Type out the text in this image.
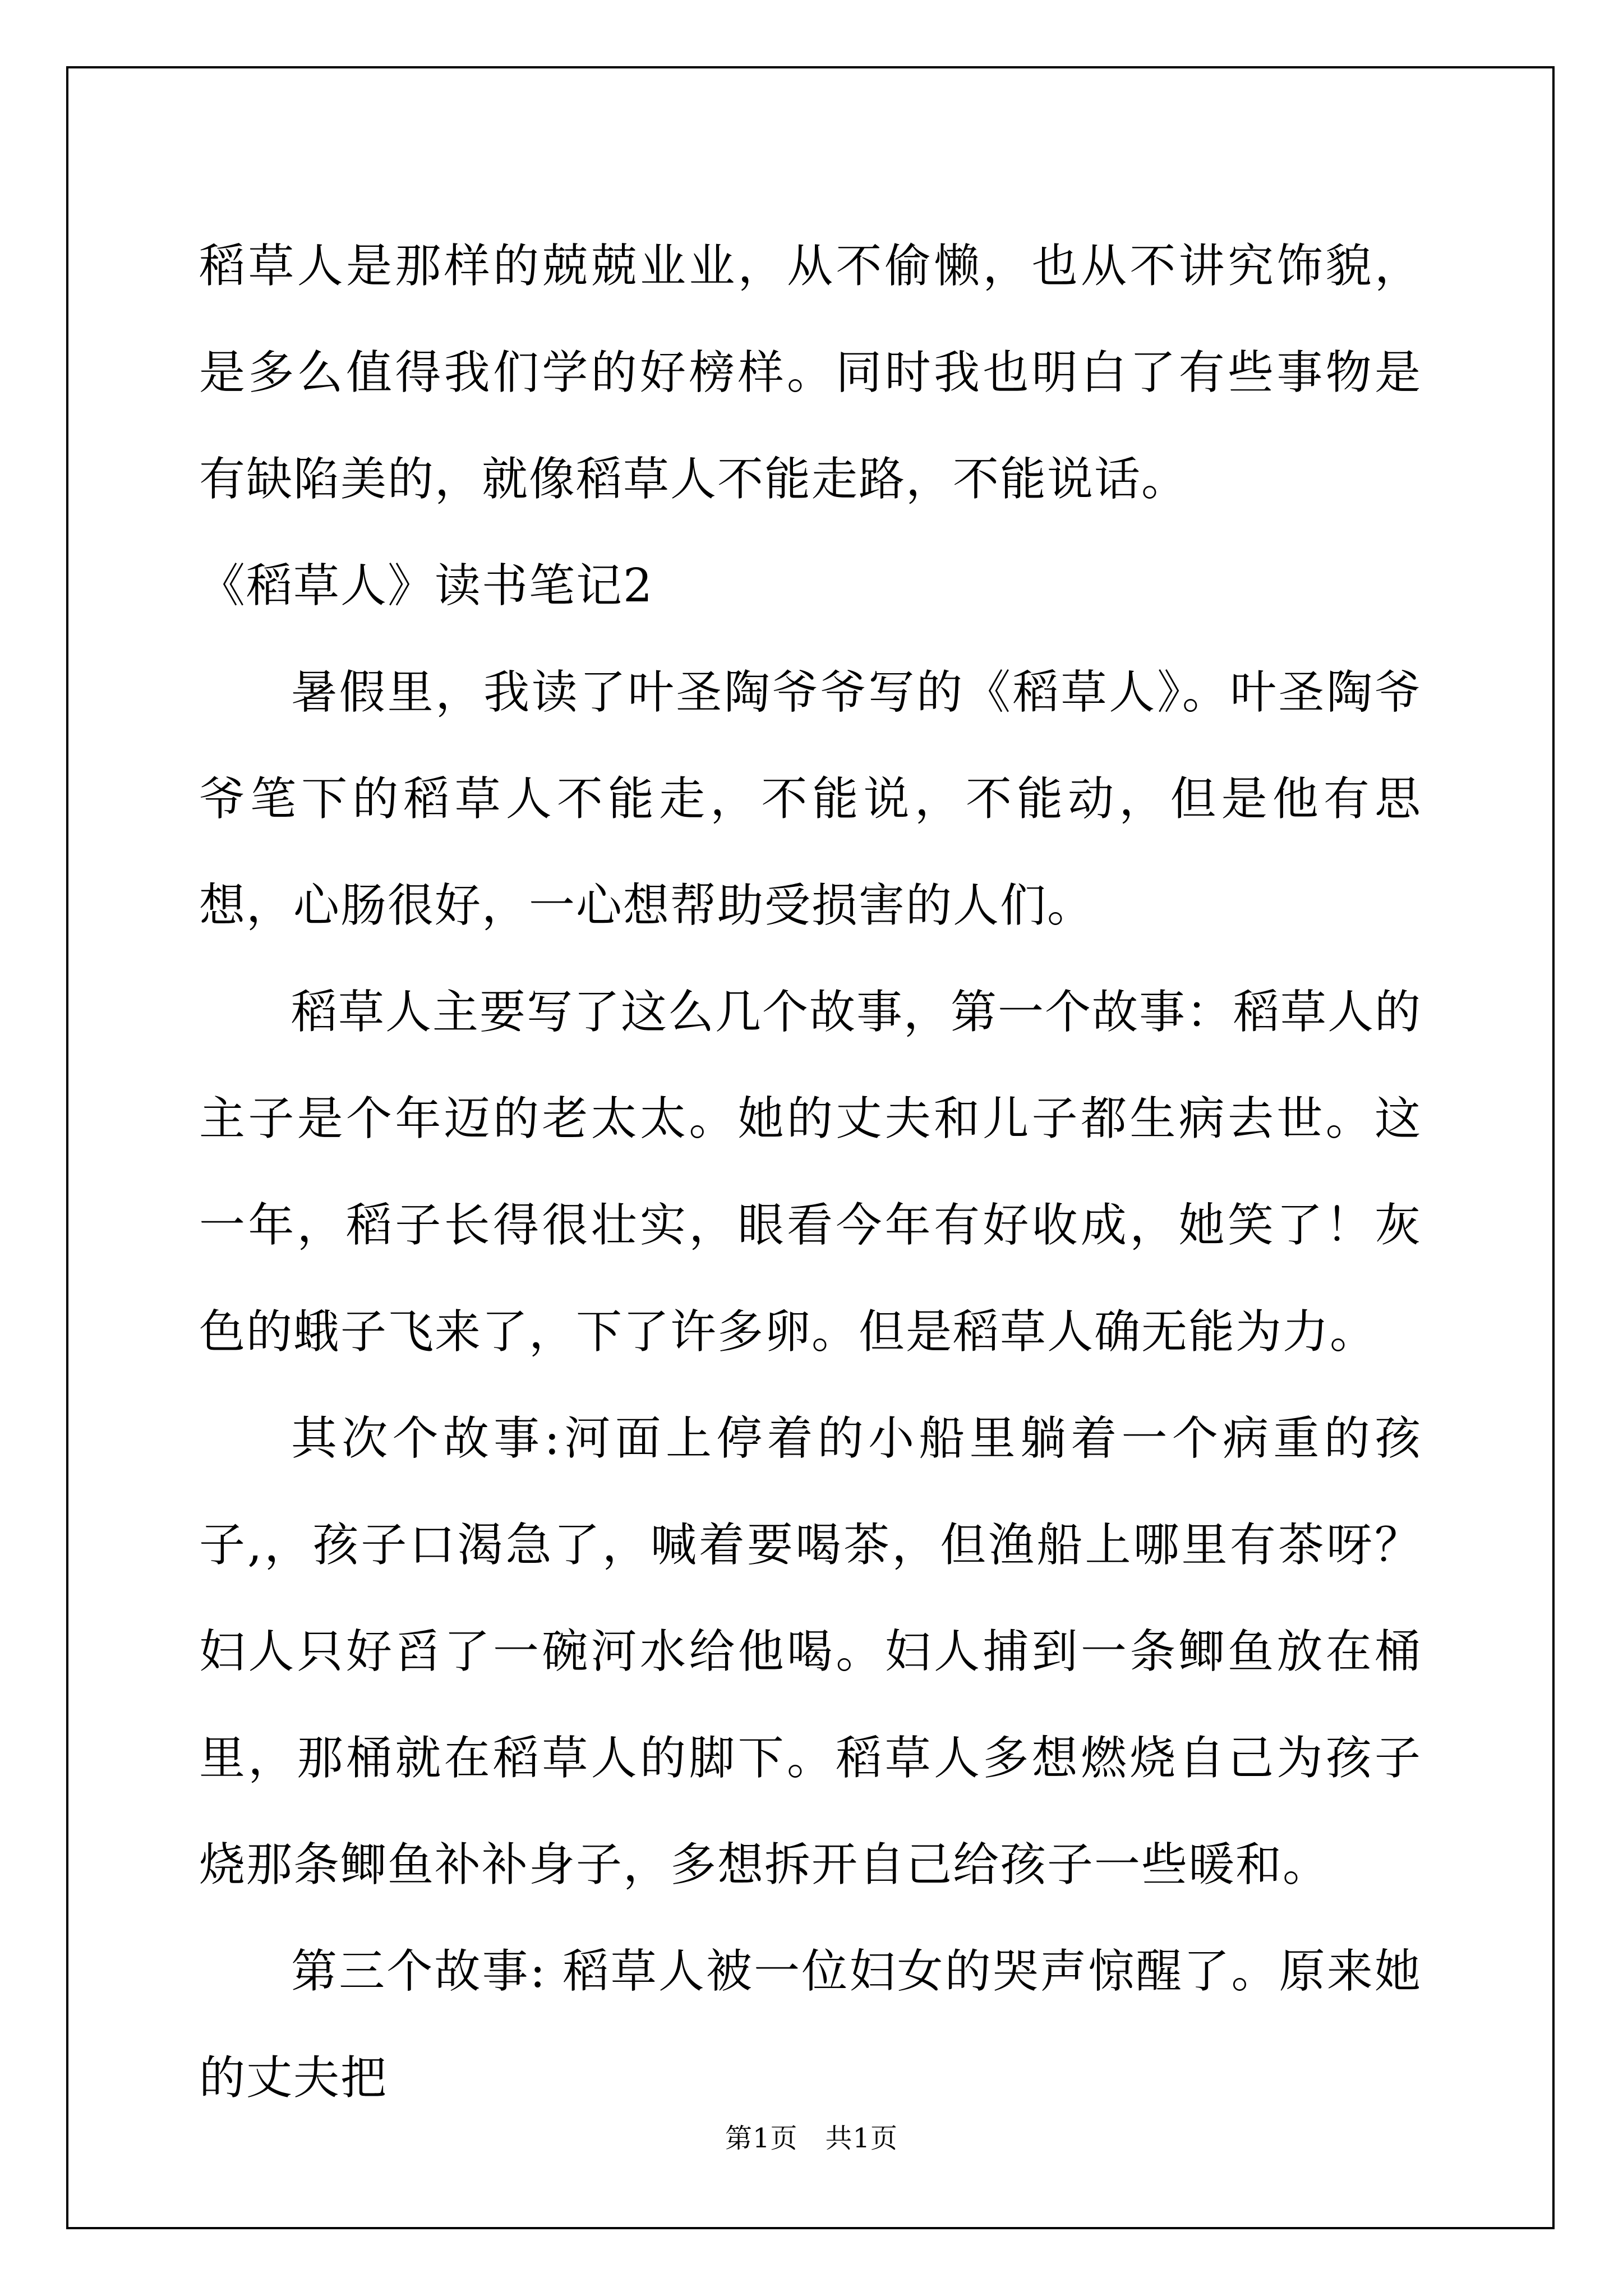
稻草人是那样的兢兢业业，从不偷懒，也从不讲究饰貌，是多么值得我们学的好榜样。同时我也明白了有些事物是有缺陷美的，就像稻草人不能走路，不能说话。

《稻草人》读书笔记2

暑假里，我读了叶圣陶爷爷写的《稻草人》。叶圣陶爷爷笔下的稻草人不能走，不能说，不能动，但是他有思想，心肠很好，一心想帮助受损害的人们。

稻草人主要写了这么几个故事，第一个故事：稻草人的主子是个年迈的老太太。她的丈夫和儿子都生病去世。这一年，稻子长得很壮实，眼看今年有好收成，她笑了！灰色的蛾子飞来了，下了许多卵。但是稻草人确无能为力。

其次个故事:河面上停着的小船里躺着一个病重的孩子,，孩子口渴急了，喊着要喝茶，但渔船上哪里有茶呀？妇人只好舀了一碗河水给他喝。妇人捕到一条鲫鱼放在桶里，那桶就在稻草人的脚下。稻草人多想燃烧自己为孩子烧那条鲫鱼补补身子，多想拆开自己给孩子一些暖和。

第三个故事: 稻草人被一位妇女的哭声惊醒了。原来她的丈夫把

第1页　共1页
